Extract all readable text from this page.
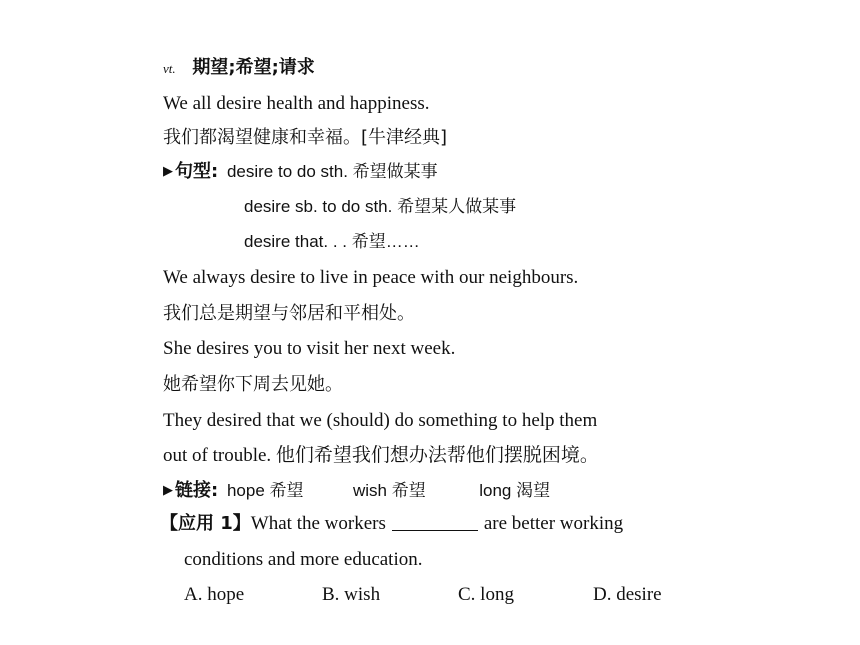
vt. 期望;希望;请求
We all desire health and happiness.
我们都渴望健康和幸福。[牛津经典]
▶ 句型: desire to do sth. 希望做某事
desire sb. to do sth. 希望某人做某事
desire that. . . 希望……
We always desire to live in peace with our neighbours.
我们总是期望与邻居和平相处。
She desires you to visit her next week.
她希望你下周去见她。
They desired that we (should) do something to help them
out of trouble. 他们希望我们想办法帮他们摆脱困境。
▶ 链接: hope 希望	wish 希望	long 渴望
【应用 1】What the workers	are better working
conditions and more education.
A. hope	B. wish	C. long	D. desire
